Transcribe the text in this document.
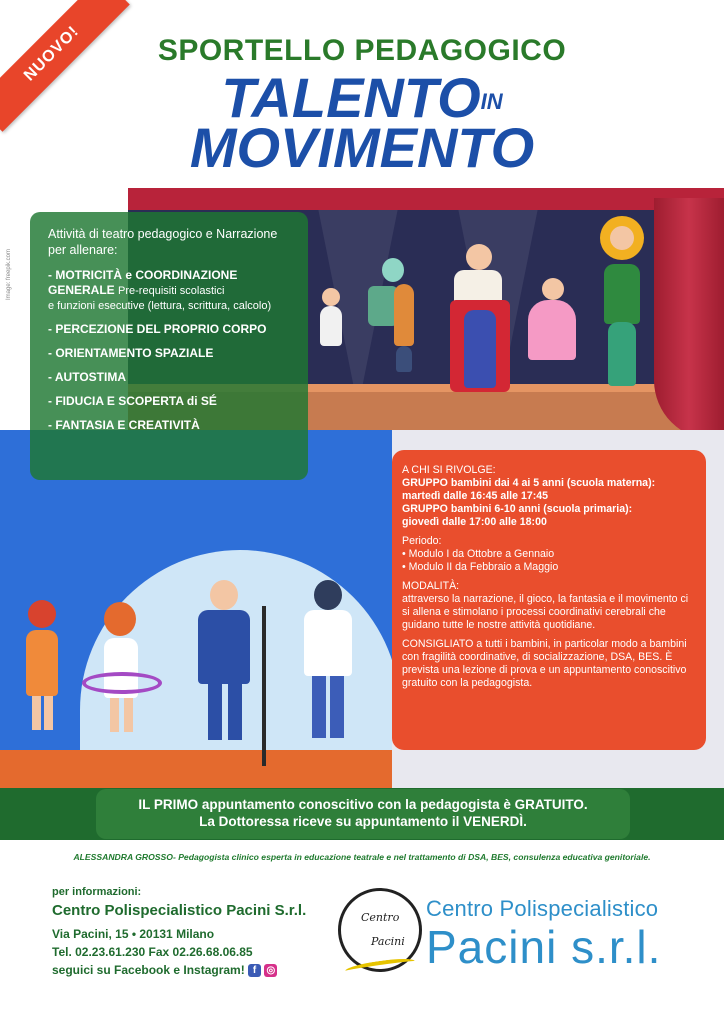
NUOVO!	SPORTELLO PEDAGOGICO
TALENTOIN
MOVIMENTO
Image: freepik.com
Attività di teatro pedagogico e Narrazione per allenare:
- MOTRICITÀ e COORDINAZIONE GENERALE Pre-requisiti scolastici
e funzioni esecutive (lettura, scrittura, calcolo)
- PERCEZIONE DEL PROPRIO CORPO
- ORIENTAMENTO SPAZIALE
- AUTOSTIMA
- FIDUCIA E SCOPERTA di SÉ
- FANTASIA E CREATIVITÀ

A CHI SI RIVOLGE:
GRUPPO bambini dai 4 ai 5 anni (scuola materna):
martedì dalle 16:45 alle 17:45
GRUPPO bambini 6-10 anni (scuola primaria):
giovedì dalle 17:00 alle 18:00

Periodo:
• Modulo I da Ottobre a Gennaio
• Modulo II da Febbraio a Maggio

MODALITÀ:
attraverso la narrazione, il gioco, la fantasia e il movimento ci si allena e stimolano i processi coordinativi cerebrali che guidano tutte le nostre attività quotidiane.

CONSIGLIATO a tutti i bambini, in particolar modo a bambini con fragilità coordinative, di socializzazione, DSA, BES. È prevista una lezione di prova e un appuntamento conoscitivo gratuito con la pedagogista.

IL PRIMO appuntamento conoscitivo con la pedagogista è GRATUITO.
La Dottoressa riceve su appuntamento il VENERDÌ.
ALESSANDRA GROSSO- Pedagogista clinico esperta in educazione teatrale e nel trattamento di DSA, BES, consulenza educativa genitoriale.
per informazioni:
Centro Polispecialistico Pacini S.r.l.
Via Pacini, 15 • 20131 Milano
Tel. 02.23.61.230 Fax 02.26.68.06.85
seguici su Facebook e Instagram! f ◎
Centro
Pacini
Centro Polispecialistico
Pacini s.r.l.
